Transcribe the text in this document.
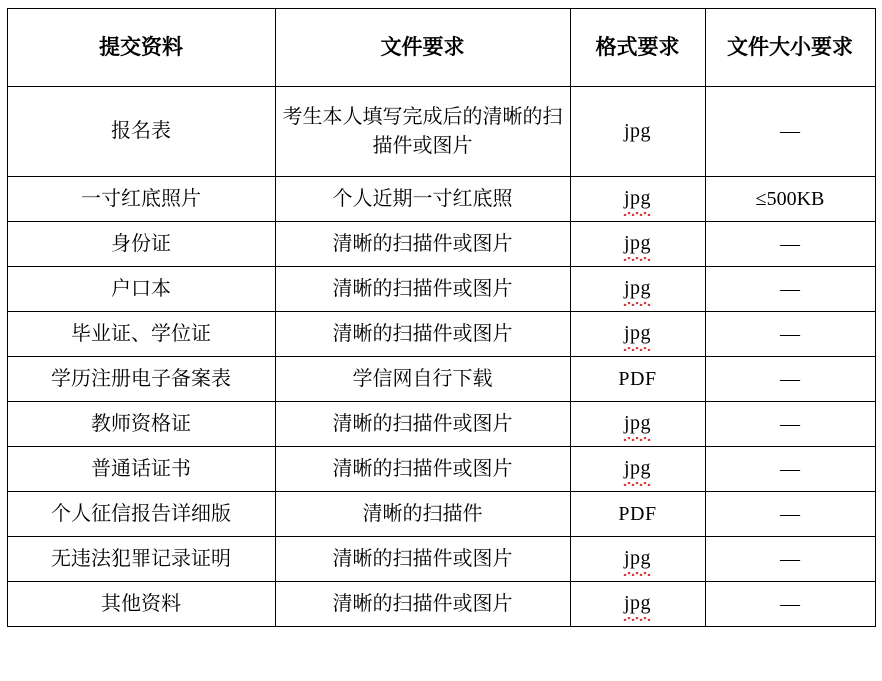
提交资料	文件要求	格式要求	文件大小要求
报名表	考生本人填写完成后的清晰的扫描件或图片	jpg	—
一寸红底照片	个人近期一寸红底照	jpg	≤500KB
身份证	清晰的扫描件或图片	jpg	—
户口本	清晰的扫描件或图片	jpg	—
毕业证、学位证	清晰的扫描件或图片	jpg	—
学历注册电子备案表	学信网自行下载	PDF	—
教师资格证	清晰的扫描件或图片	jpg	—
普通话证书	清晰的扫描件或图片	jpg	—
个人征信报告详细版	清晰的扫描件	PDF	—
无违法犯罪记录证明	清晰的扫描件或图片	jpg	—
其他资料	清晰的扫描件或图片	jpg	—
